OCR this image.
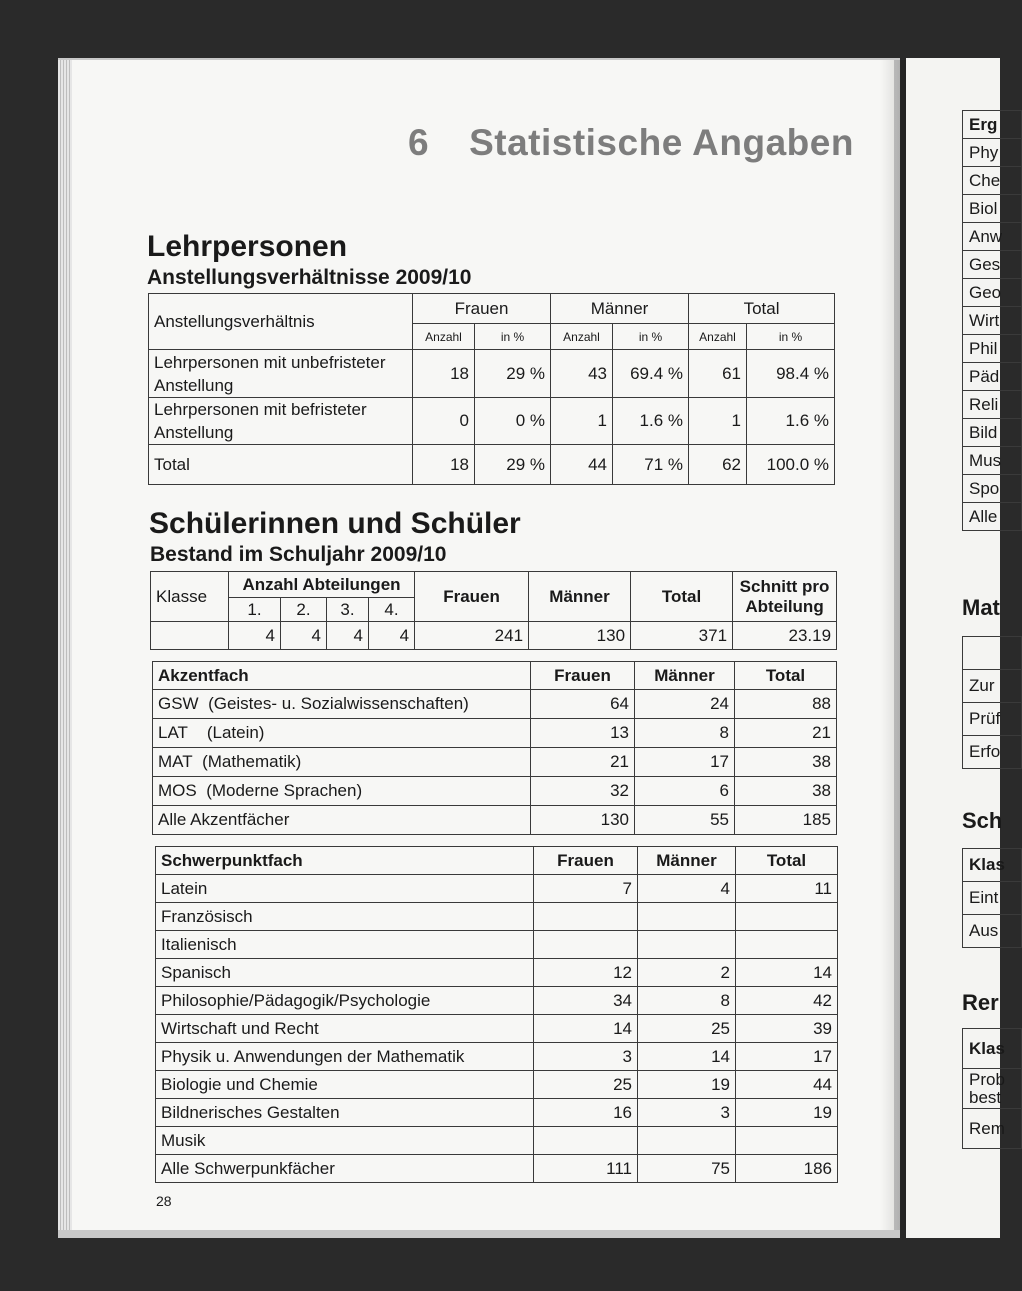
6 Statistische Angaben
Lehrpersonen
Anstellungsverhältnisse 2009/10
Anstellungsverhältnis	Frauen		Männer		Total	
	Anzahl	in %	Anzahl	in %	Anzahl	in %
Lehrpersonen mit unbefristeter Anstellung	18	29 %	43	69.4 %	61	98.4 %
Lehrpersonen mit befristeter Anstellung	0	0 %	1	1.6 %	1	1.6 %
Total	18	29 %	44	71 %	62	100.0 %
Schülerinnen und Schüler
Bestand im Schuljahr 2009/10
Klasse	Anzahl Abteilungen				Frauen	Männer	Total	Schnitt pro Abteilung
	1.	2.	3.	4.				
	4	4	4	4	241	130	371	23.19
Akzentfach	Frauen	Männer	Total
GSW (Geistes- u. Sozialwissenschaften)	64	24	88
LAT (Latein)	13	8	21
MAT (Mathematik)	21	17	38
MOS (Moderne Sprachen)	32	6	38
Alle Akzentfächer	130	55	185
Schwerpunktfach	Frauen	Männer	Total
Latein	7	4	11
Französisch			
Italienisch			
Spanisch	12	2	14
Philosophie/Pädagogik/Psychologie	34	8	42
Wirtschaft und Recht	14	25	39
Physik u. Anwendungen der Mathematik	3	14	17
Biologie und Chemie	25	19	44
Bildnerisches Gestalten	16	3	19
Musik			
Alle Schwerpunkfächer	111	75	186
28
Erg
Phy
Che
Biol
Anw
Ges
Geo
Wirt
Phil
Päd
Reli
Bild
Mus
Spo
Alle
Mat

Zur
Prüf
Erfo
Sch
Klas
Eint
Aus
Rer
Klas
Prob best
Rem
